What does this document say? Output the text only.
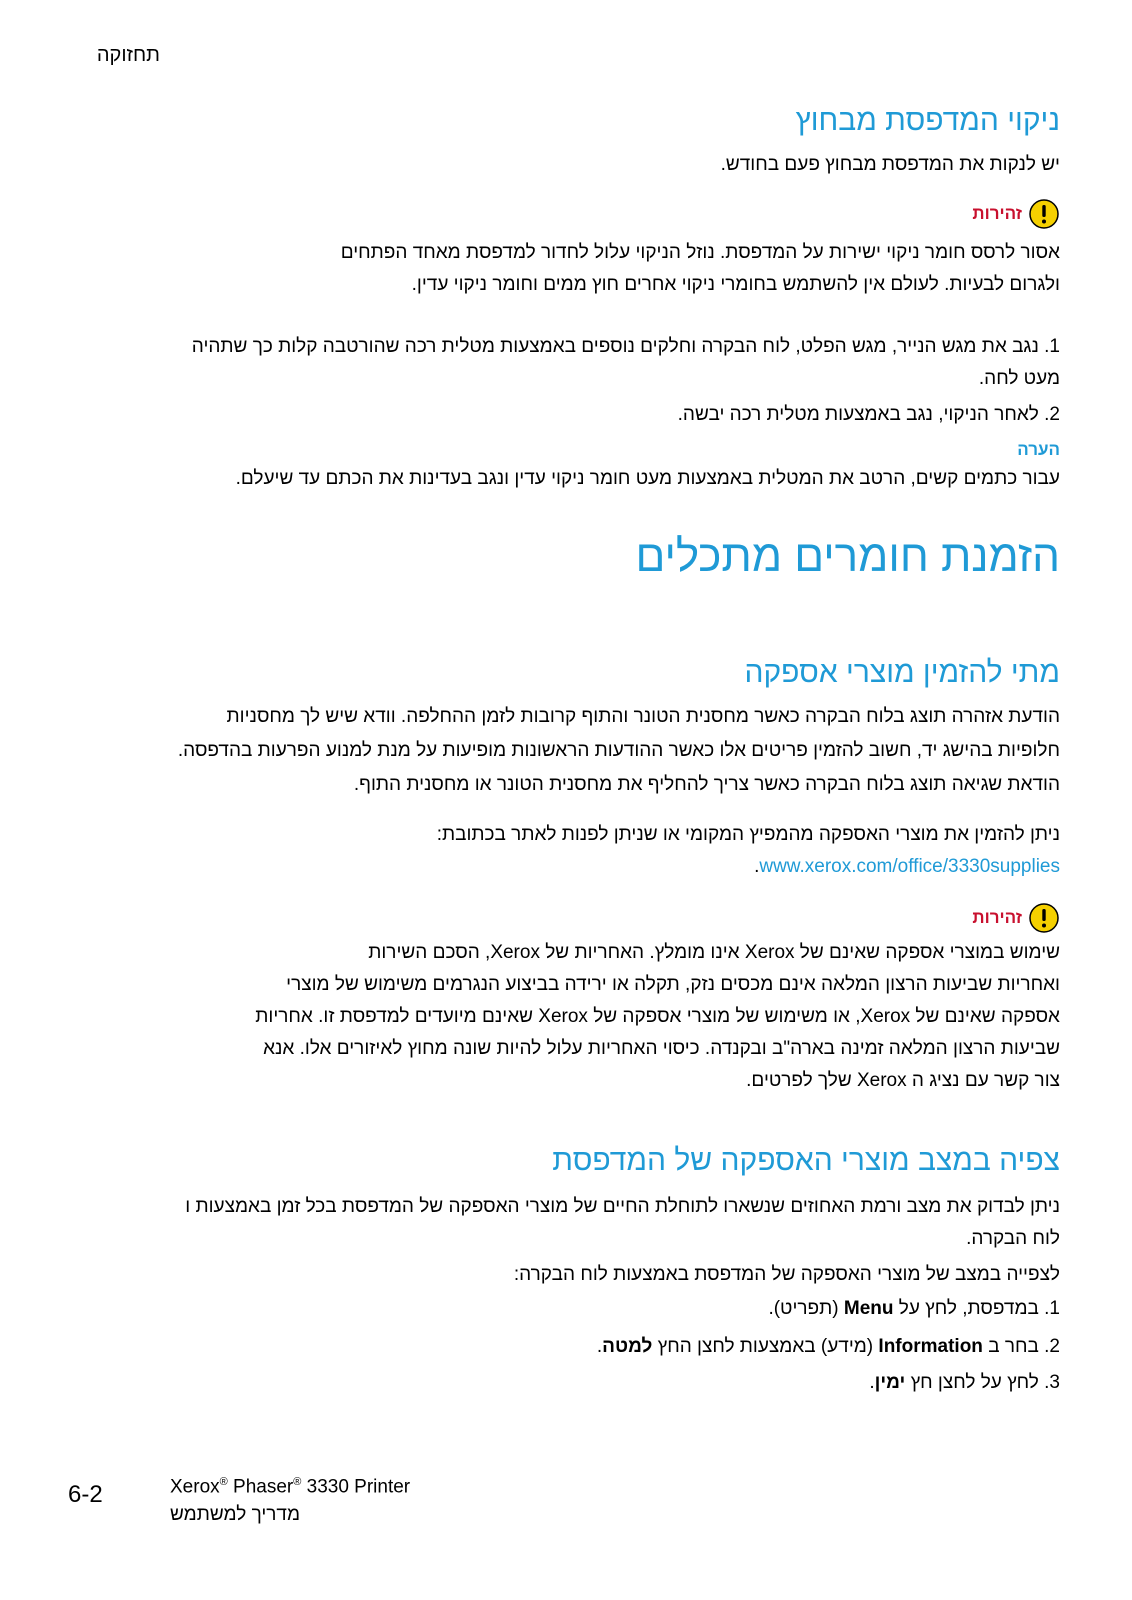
תחזוקה
ניקוי המדפסת מבחוץ

יש לנקות את המדפסת מבחוץ פעם בחודש.

זהירות

אסור לרסס חומר ניקוי ישירות על המדפסת. נוזל הניקוי עלול לחדור למדפסת מאחד הפתחים

ולגרום לבעיות. לעולם אין להשתמש בחומרי ניקוי אחרים חוץ ממים וחומר ניקוי עדין.

1. נגב את מגש הנייר, מגש הפלט, לוח הבקרה וחלקים נוספים באמצעות מטלית רכה שהורטבה קלות כך שתהיה

מעט לחה.

2. לאחר הניקוי, נגב באמצעות מטלית רכה יבשה.

הערה

עבור כתמים קשים, הרטב את המטלית באמצעות מעט חומר ניקוי עדין ונגב בעדינות את הכתם עד שיעלם.

הזמנת חומרים מתכלים
מתי להזמין מוצרי אספקה

הודעת אזהרה תוצג בלוח הבקרה כאשר מחסנית הטונר והתוף קרובות לזמן ההחלפה. וודא שיש לך מחסניות

חלופיות בהישג יד, חשוב להזמין פריטים אלו כאשר ההודעות הראשונות מופיעות על מנת למנוע הפרעות בהדפסה.

הודאת שגיאה תוצג בלוח הבקרה כאשר צריך להחליף את מחסנית הטונר או מחסנית התוף.

ניתן להזמין את מוצרי האספקה מהמפיץ המקומי או שניתן לפנות לאתר בכתובת:

.www.xerox.com/office/3330supplies

זהירות

שימוש במוצרי אספקה שאינם של Xerox אינו מומלץ. האחריות של Xerox, הסכם השירות

ואחריות שביעות הרצון המלאה אינם מכסים נזק, תקלה או ירידה בביצוע הנגרמים משימוש של מוצרי

אספקה שאינם של Xerox, או משימוש של מוצרי אספקה של Xerox שאינם מיועדים למדפסת זו. אחריות

שביעות הרצון המלאה זמינה בארה"ב ובקנדה. כיסוי האחריות עלול להיות שונה מחוץ לאיזורים אלו. אנא

צור קשר עם נציג ה Xerox שלך לפרטים.

צפיה במצב מוצרי האספקה של המדפסת

ניתן לבדוק את מצב ורמת האחוזים שנשארו לתוחלת החיים של מוצרי האספקה של המדפסת בכל זמן באמצעות ו

לוח הבקרה.

לצפייה במצב של מוצרי האספקה של המדפסת באמצעות לוח הבקרה:

1. במדפסת, לחץ על Menu (תפריט).

2. בחר ב Information (מידע) באמצעות לחצן החץ למטה.

3. לחץ על לחצן חץ ימין.

6-2	Xerox® Phaser® 3330 Printer
מדריך למשתמש
